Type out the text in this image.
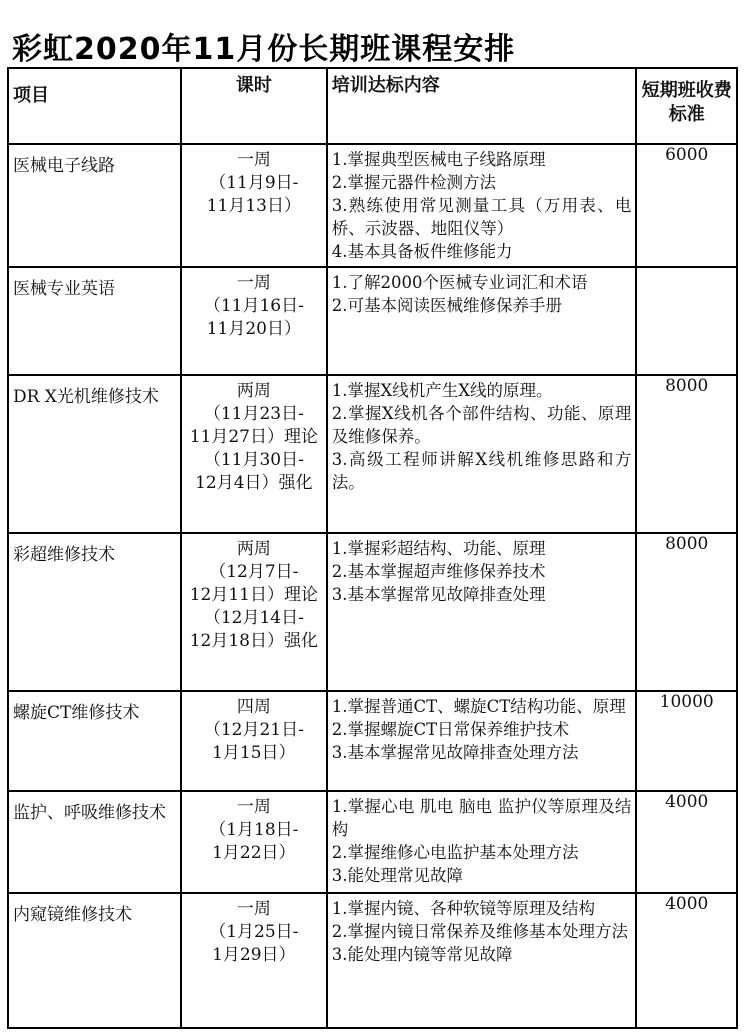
彩虹2020年11月份长期班课程安排
项目	课时	培训达标内容	短期班收费标准

医械电子线路	一周
（11月9日-
11月13日）	1.掌握典型医械电子线路原理
2.掌握元器件检测方法
3.熟练使用常见测量工具（万用表、电桥、示波器、地阻仪等）
4.基本具备板件维修能力	6000

医械专业英语	一周
（11月16日-
11月20日）	1.了解2000个医械专业词汇和术语
2.可基本阅读医械维修保养手册	

DR X光机维修技术	两周
（11月23日-
11月27日）理论
（11月30日-
12月4日）强化	1.掌握X线机产生X线的原理。
2.掌握X线机各个部件结构、功能、原理及维修保养。
3.高级工程师讲解X线机维修思路和方法。	8000

彩超维修技术	两周
（12月7日-
12月11日）理论
（12月14日-
12月18日）强化	1.掌握彩超结构、功能、原理
2.基本掌握超声维修保养技术
3.基本掌握常见故障排查处理	8000

螺旋CT维修技术	四周
（12月21日-
1月15日）	1.掌握普通CT、螺旋CT结构功能、原理
2.掌握螺旋CT日常保养维护技术
3.基本掌握常见故障排查处理方法	10000

监护、呼吸维修技术	一周
（1月18日-
1月22日）	1.掌握心电 肌电 脑电 监护仪等原理及结构
2.掌握维修心电监护基本处理方法
3.能处理常见故障	4000

内窥镜维修技术	一周
（1月25日-
1月29日）	1.掌握内镜、各种软镜等原理及结构
2.掌握内镜日常保养及维修基本处理方法
3.能处理内镜等常见故障	4000
